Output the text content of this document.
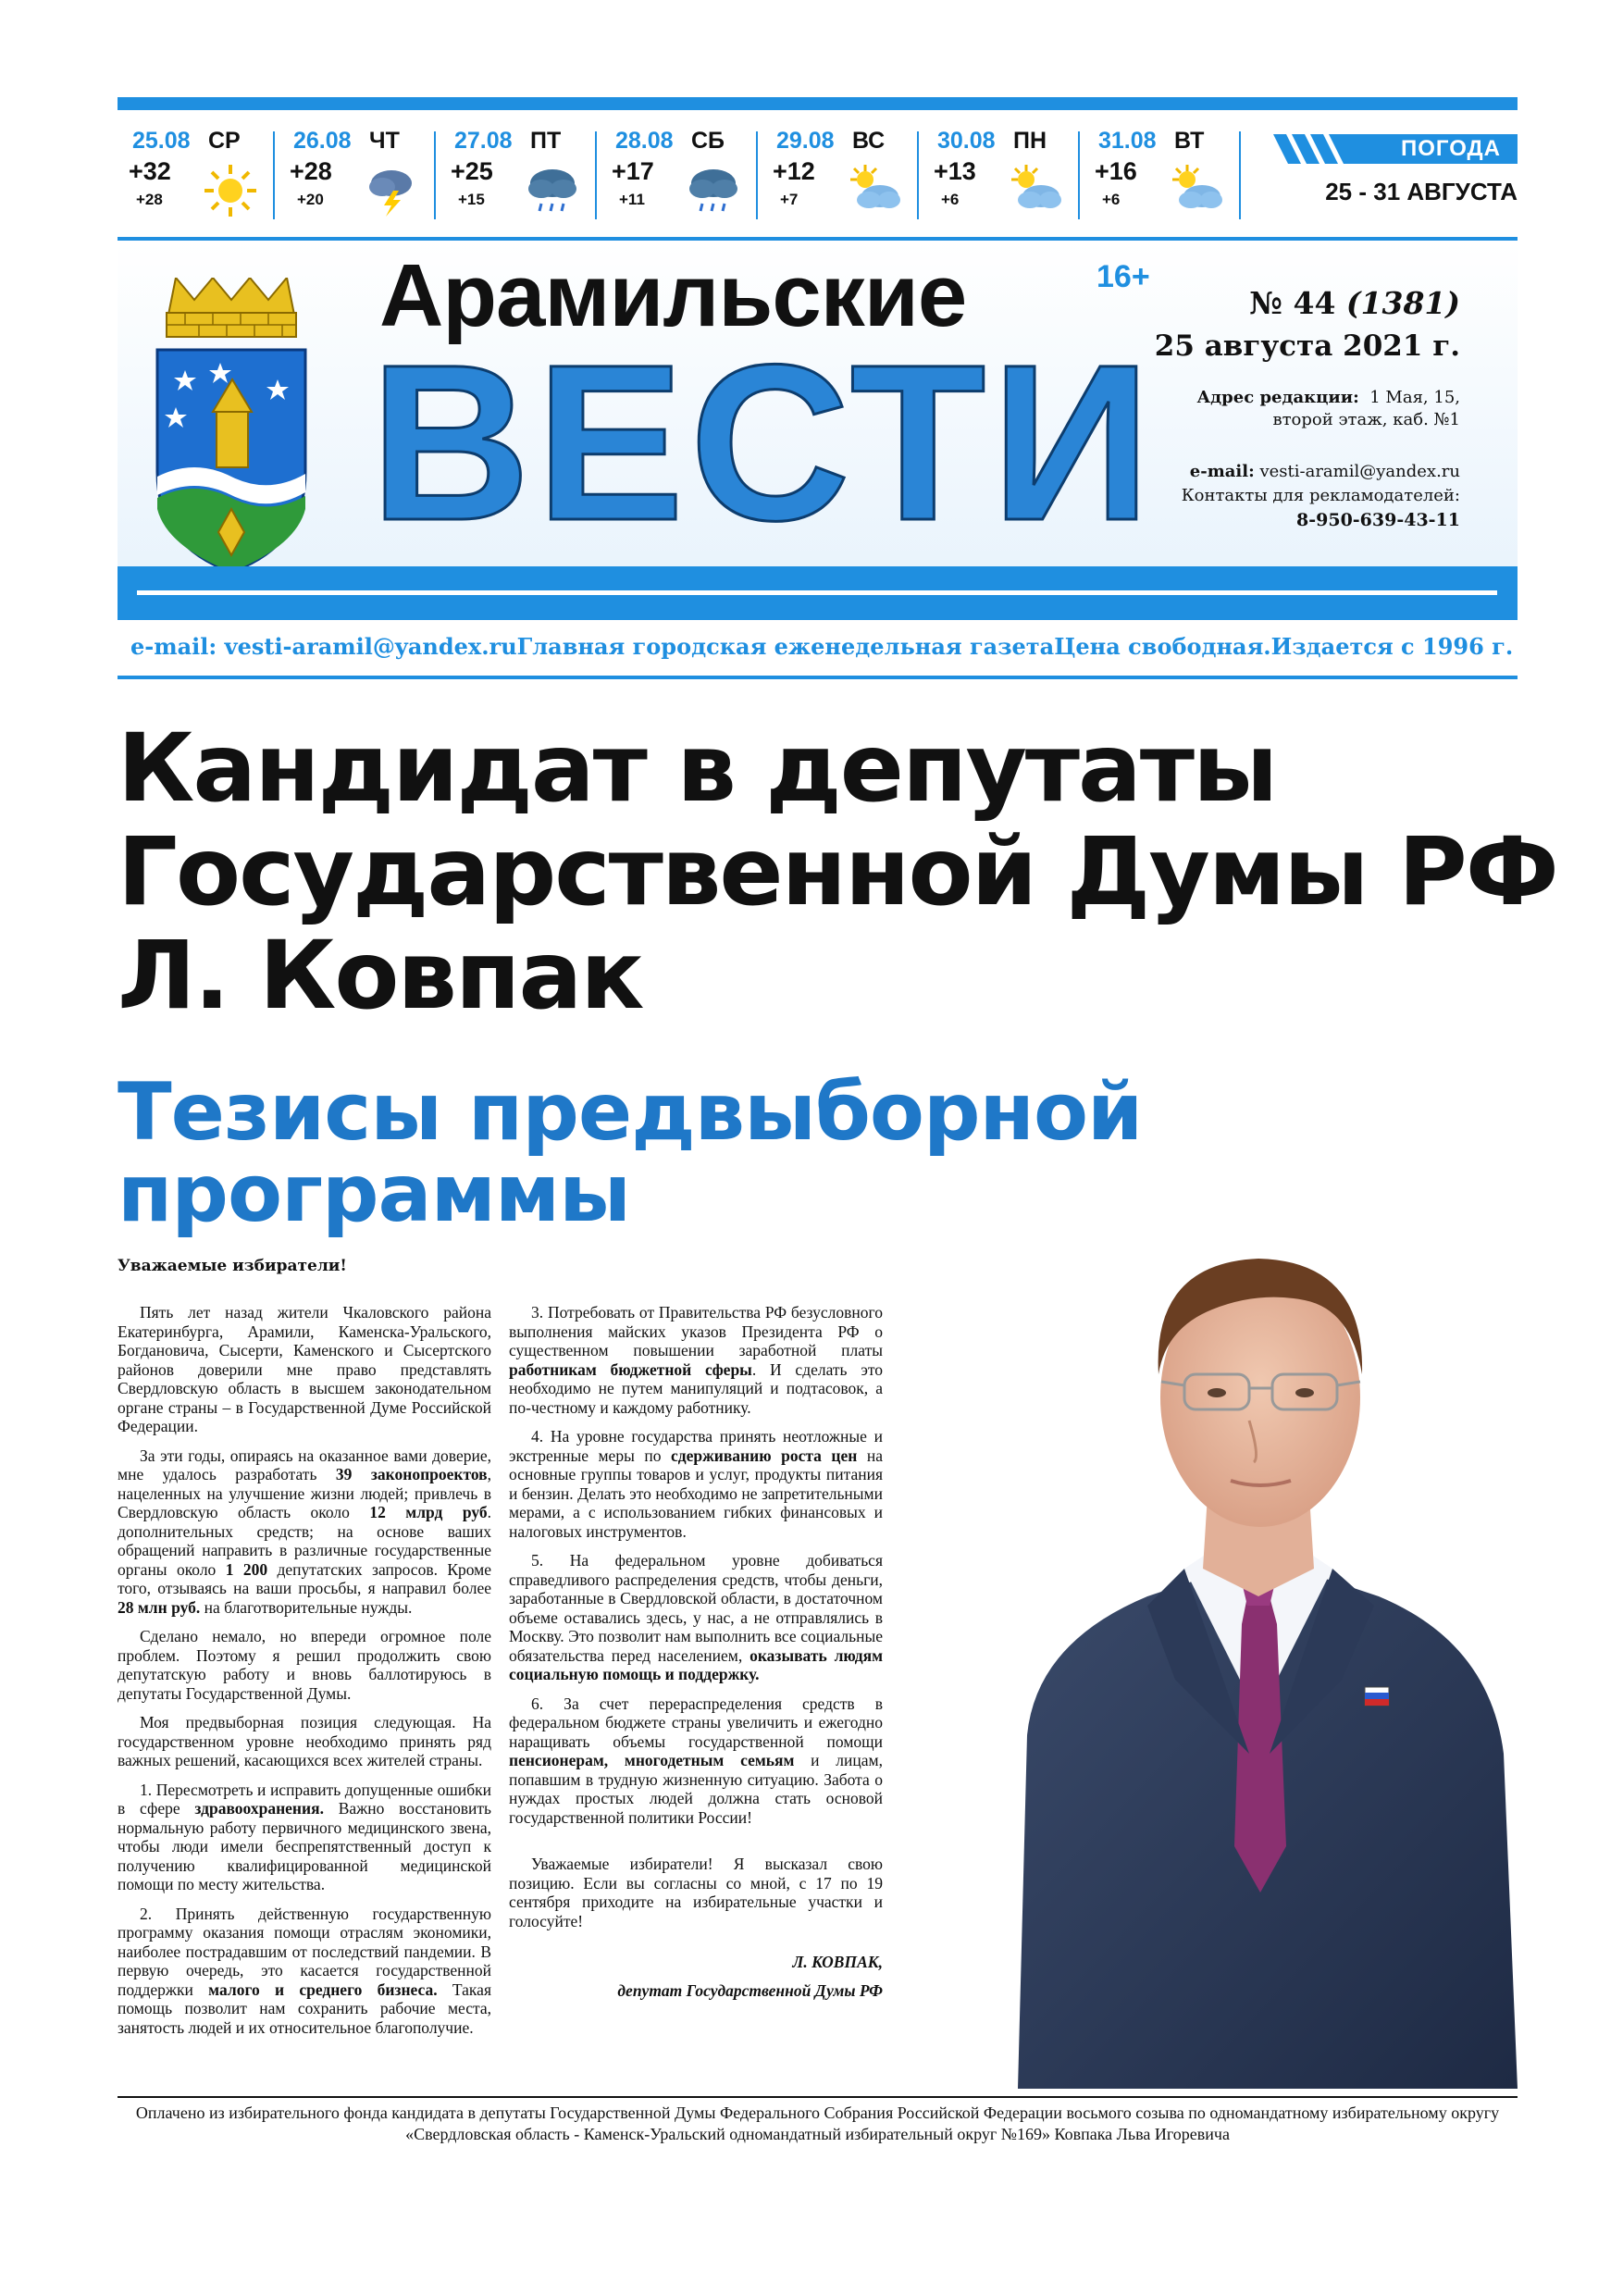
25.08 СР
+32
+28
26.08 ЧТ
+28
+20
27.08 ПТ
+25
+15
28.08 СБ
+17
+11
29.08 ВС
+12
+7
30.08 ПН
+13
+6
31.08 ВТ
+16
+6
ПОГОДА
25 - 31 АВГУСТА
Арамильские
ВЕСТИ
16+
№ 44 (1381)
25 августа 2021 г.
Адрес редакции: 1 Мая, 15,
второй этаж, каб. №1
e-mail: vesti-aramil@yandex.ru
Контакты для рекламодателей:
8-950-639-43-11
e-mail: vesti-aramil@yandex.ru Главная городская еженедельная газета Цена свободная. Издается с 1996 г.
Кандидат в депутаты
Государственной Думы РФ
Л. Ковпак
Тезисы предвыборной
программы
Уважаемые избиратели!

Пять лет назад жители Чкаловского района Екатеринбурга, Арамили, Каменска-Уральского, Богдановича, Сысерти, Каменского и Сысертского районов доверили мне право представлять Свердловскую область в высшем законодательном органе страны – в Государственной Думе Российской Федерации.

За эти годы, опираясь на оказанное вами доверие, мне удалось разработать 39 законопроектов, нацеленных на улучшение жизни людей; привлечь в Свердловскую область около 12 млрд руб. дополнительных средств; на основе ваших обращений направить в различные государственные органы около 1 200 депутатских запросов. Кроме того, отзываясь на ваши просьбы, я направил более 28 млн руб. на благотворительные нужды.

Сделано немало, но впереди огромное поле проблем. Поэтому я решил продолжить свою депутатскую работу и вновь баллотируюсь в депутаты Государственной Думы.

Моя предвыборная позиция следующая. На государственном уровне необходимо принять ряд важных решений, касающихся всех жителей страны.

1. Пересмотреть и исправить допущенные ошибки в сфере здравоохранения. Важно восстановить нормальную работу первичного медицинского звена, чтобы люди имели беспрепятственный доступ к получению квалифицированной медицинской помощи по месту жительства.

2. Принять действенную государственную программу оказания помощи отраслям экономики, наиболее пострадавшим от последствий пандемии. В первую очередь, это касается государственной поддержки малого и среднего бизнеса. Такая помощь позволит нам сохранить рабочие места, занятость людей и их относительное благополучие.

3. Потребовать от Правительства РФ безусловного выполнения майских указов Президента РФ о существенном повышении заработной платы работникам бюджетной сферы. И сделать это необходимо не путем манипуляций и подтасовок, а по-честному и каждому работнику.

4. На уровне государства принять неотложные и экстренные меры по сдерживанию роста цен на основные группы товаров и услуг, продукты питания и бензин. Делать это необходимо не запретительными мерами, а с использованием гибких финансовых и налоговых инструментов.

5. На федеральном уровне добиваться справедливого распределения средств, чтобы деньги, заработанные в Свердловской области, в достаточном объеме оставались здесь, у нас, а не отправлялись в Москву. Это позволит нам выполнить все социальные обязательства перед населением, оказывать людям социальную помощь и поддержку.

6. За счет перераспределения средств в федеральном бюджете страны увеличить и ежегодно наращивать объемы государственной помощи пенсионерам, многодетным семьям и лицам, попавшим в трудную жизненную ситуацию. Забота о нуждах простых людей должна стать основой государственной политики России!

Уважаемые избиратели! Я высказал свою позицию. Если вы согласны со мной, с 17 по 19 сентября приходите на избирательные участки и голосуйте!

Л. КОВПАК,
депутат Государственной Думы РФ
Оплачено из избирательного фонда кандидата в депутаты Государственной Думы Федерального Собрания Российской Федерации восьмого созыва по одномандатному избирательному округу «Свердловская область - Каменск-Уральский одномандатный избирательный округ №169» Ковпака Льва Игоревича
